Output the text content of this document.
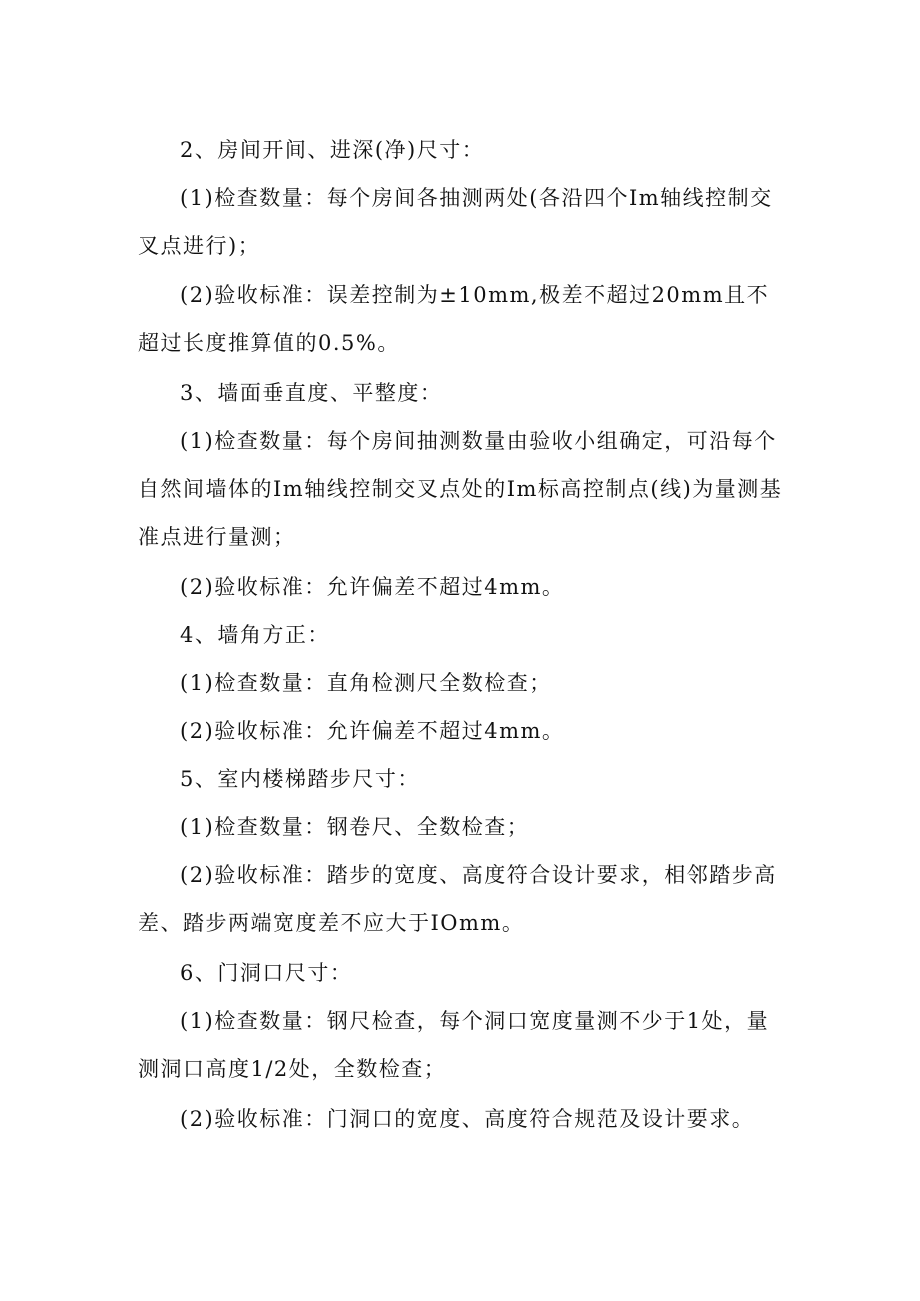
2、房间开间、进深(净)尺寸：

(1)检查数量：每个房间各抽测两处(各沿四个Im轴线控制交叉点进行)；

(2)验收标准：误差控制为±10mm,极差不超过20mm且不超过长度推算值的0.5%。

3、墙面垂直度、平整度：

(1)检查数量：每个房间抽测数量由验收小组确定，可沿每个自然间墙体的Im轴线控制交叉点处的Im标高控制点(线)为量测基准点进行量测；

(2)验收标准：允许偏差不超过4mm。

4、墙角方正：

(1)检查数量：直角检测尺全数检查；

(2)验收标准：允许偏差不超过4mm。

5、室内楼梯踏步尺寸：

(1)检查数量：钢卷尺、全数检查；

(2)验收标准：踏步的宽度、高度符合设计要求，相邻踏步高差、踏步两端宽度差不应大于IOmm。

6、门洞口尺寸：

(1)检查数量：钢尺检查，每个洞口宽度量测不少于1处，量测洞口高度1/2处，全数检查；

(2)验收标准：门洞口的宽度、高度符合规范及设计要求。
